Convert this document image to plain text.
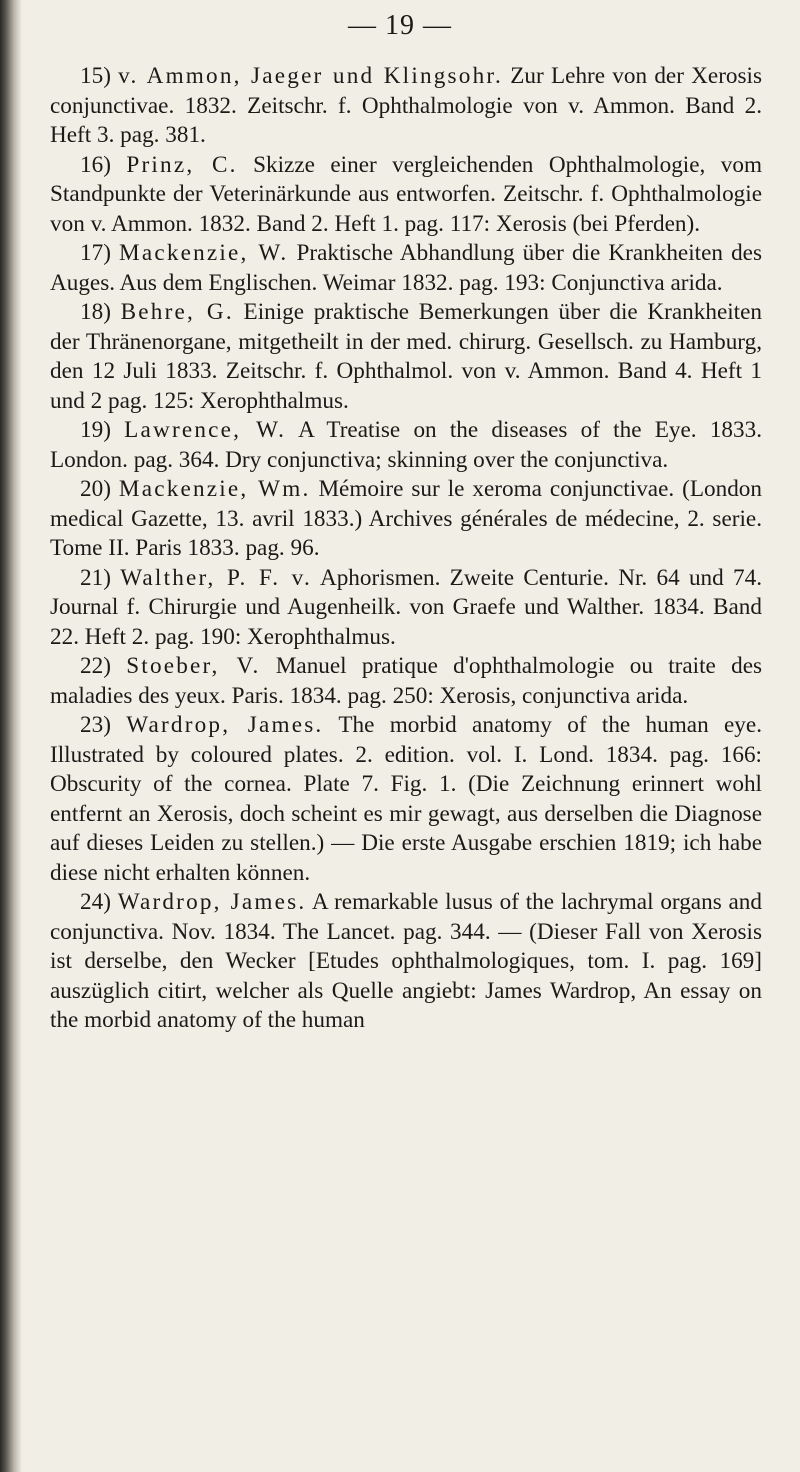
— 19 —

15) v. Ammon, Jaeger und Klingsohr. Zur Lehre von der Xerosis conjunctivae. 1832. Zeitschr. f. Ophthalmologie von v. Ammon. Band 2. Heft 3. pag. 381.

16) Prinz, C. Skizze einer vergleichenden Ophthalmologie, vom Standpunkte der Veterinärkunde aus entworfen. Zeitschr. f. Ophthalmologie von v. Ammon. 1832. Band 2. Heft 1. pag. 117: Xerosis (bei Pferden).

17) Mackenzie, W. Praktische Abhandlung über die Krankheiten des Auges. Aus dem Englischen. Weimar 1832. pag. 193: Conjunctiva arida.

18) Behre, G. Einige praktische Bemerkungen über die Krankheiten der Thränenorgane, mitgetheilt in der med. chirurg. Gesellsch. zu Hamburg, den 12 Juli 1833. Zeitschr. f. Ophthalmol. von v. Ammon. Band 4. Heft 1 und 2 pag. 125: Xerophthalmus.

19) Lawrence, W. A Treatise on the diseases of the Eye. 1833. London. pag. 364. Dry conjunctiva; skinning over the conjunctiva.

20) Mackenzie, Wm. Mémoire sur le xeroma conjunctivae. (London medical Gazette, 13. avril 1833.) Archives générales de médecine, 2. serie. Tome II. Paris 1833. pag. 96.

21) Walther, P. F. v. Aphorismen. Zweite Centurie. Nr. 64 und 74. Journal f. Chirurgie und Augenheilk. von Graefe und Walther. 1834. Band 22. Heft 2. pag. 190: Xerophthalmus.

22) Stoeber, V. Manuel pratique d'ophthalmologie ou traite des maladies des yeux. Paris. 1834. pag. 250: Xerosis, conjunctiva arida.

23) Wardrop, James. The morbid anatomy of the human eye. Illustrated by coloured plates. 2. edition. vol. I. Lond. 1834. pag. 166: Obscurity of the cornea. Plate 7. Fig. 1. (Die Zeichnung erinnert wohl entfernt an Xerosis, doch scheint es mir gewagt, aus derselben die Diagnose auf dieses Leiden zu stellen.) — Die erste Ausgabe erschien 1819; ich habe diese nicht erhalten können.

24) Wardrop, James. A remarkable lusus of the lachrymal organs and conjunctiva. Nov. 1834. The Lancet. pag. 344. — (Dieser Fall von Xerosis ist derselbe, den Wecker [Etudes ophthalmologiques, tom. I. pag. 169] auszüglich citirt, welcher als Quelle angiebt: James Wardrop, An essay on the morbid anatomy of the human
